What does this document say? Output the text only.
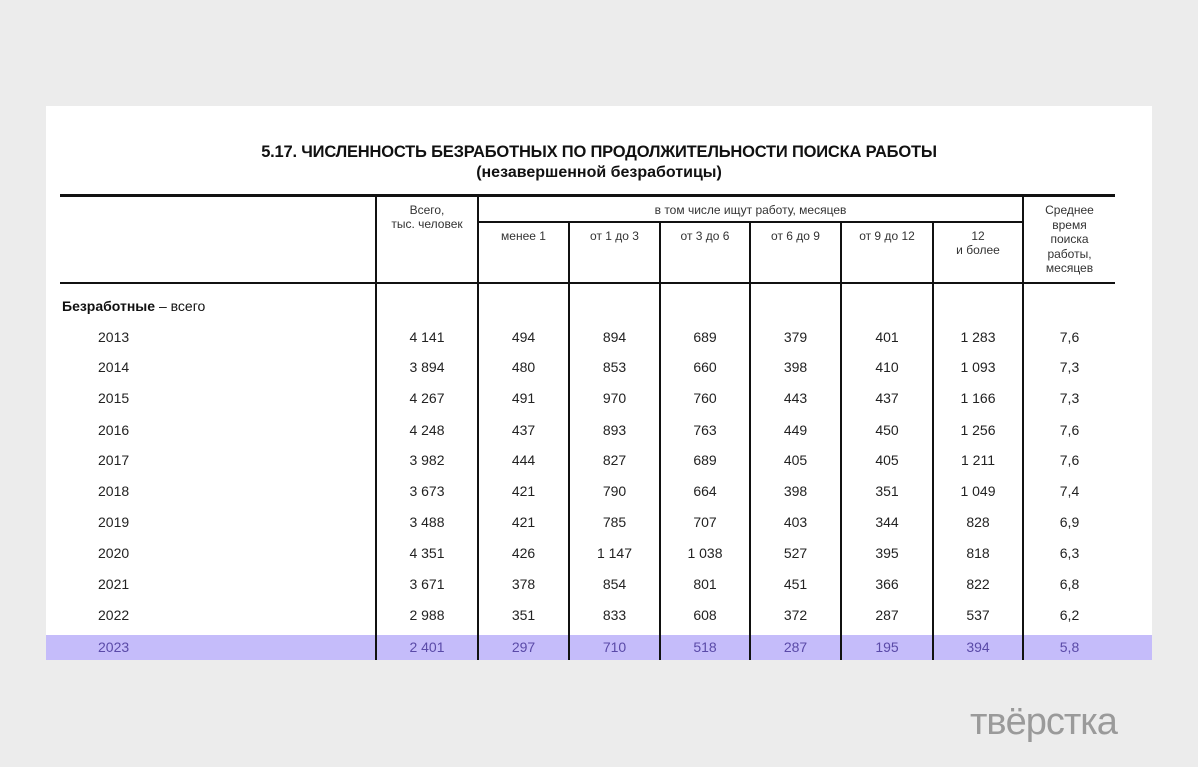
5.17. ЧИСЛЕННОСТЬ БЕЗРАБОТНЫХ ПО ПРОДОЛЖИТЕЛЬНОСТИ ПОИСКА РАБОТЫ
(незавершенной безработицы)
Всего,
тыс. человек
в том числе ищут работу, месяцев
менее 1	от 1 до 3	от 3 до 6	от 6 до 9	от 9 до 12	12
и более
Среднее
время
поиска
работы,
месяцев
Безработные – всего
2013	4 141	494	894	689	379	401	1 283	7,6
2014	3 894	480	853	660	398	410	1 093	7,3
2015	4 267	491	970	760	443	437	1 166	7,3
2016	4 248	437	893	763	449	450	1 256	7,6
2017	3 982	444	827	689	405	405	1 211	7,6
2018	3 673	421	790	664	398	351	1 049	7,4
2019	3 488	421	785	707	403	344	828	6,9
2020	4 351	426	1 147	1 038	527	395	818	6,3
2021	3 671	378	854	801	451	366	822	6,8
2022	2 988	351	833	608	372	287	537	6,2
2023	2 401	297	710	518	287	195	394	5,8
твёрстка
